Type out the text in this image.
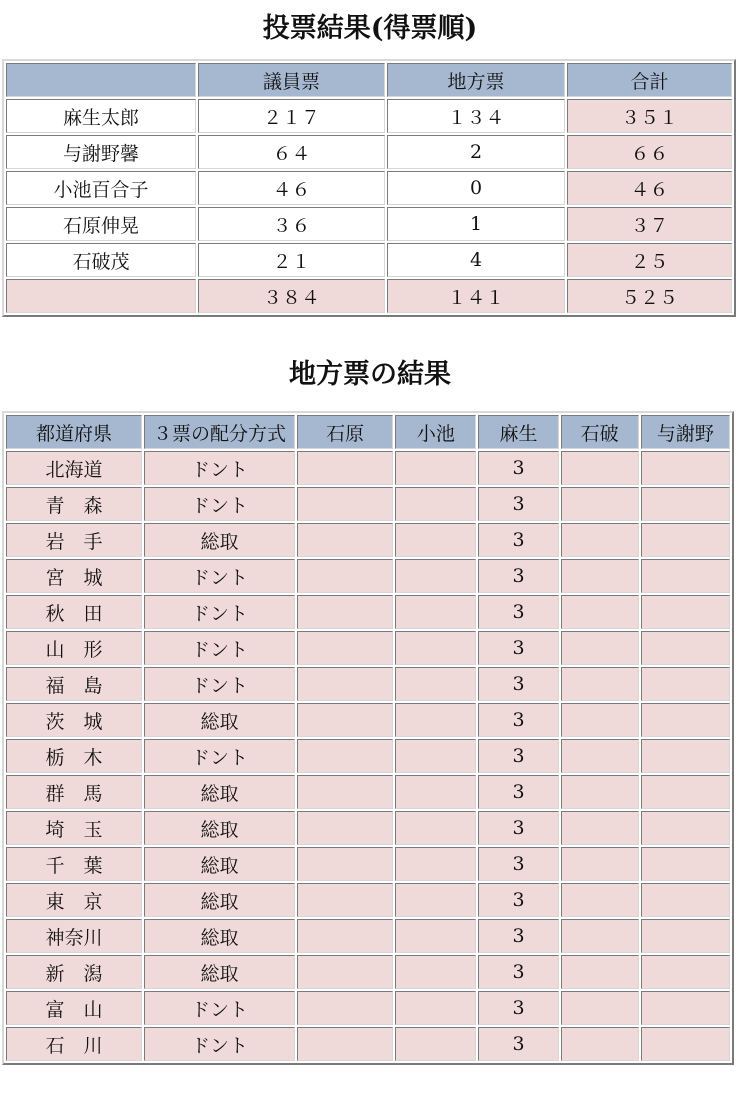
投票結果(得票順)
	議員票	地方票	合計
麻生太郎	２１７	１３４	３５１
与謝野馨	６４	2	６６
小池百合子	４６	0	４６
石原伸晃	３６	1	３７
石破茂	２１	4	２５
	３８４	１４１	５２５
地方票の結果
都道府県	３票の配分方式	石原	小池	麻生	石破	与謝野
北海道	ドント			3		
青　森	ドント			3		
岩　手	総取			3		
宮　城	ドント			3		
秋　田	ドント			3		
山　形	ドント			3		
福　島	ドント			3		
茨　城	総取			3		
栃　木	ドント			3		
群　馬	総取			3		
埼　玉	総取			3		
千　葉	総取			3		
東　京	総取			3		
神奈川	総取			3		
新　潟	総取			3		
富　山	ドント			3		
石　川	ドント			3		
